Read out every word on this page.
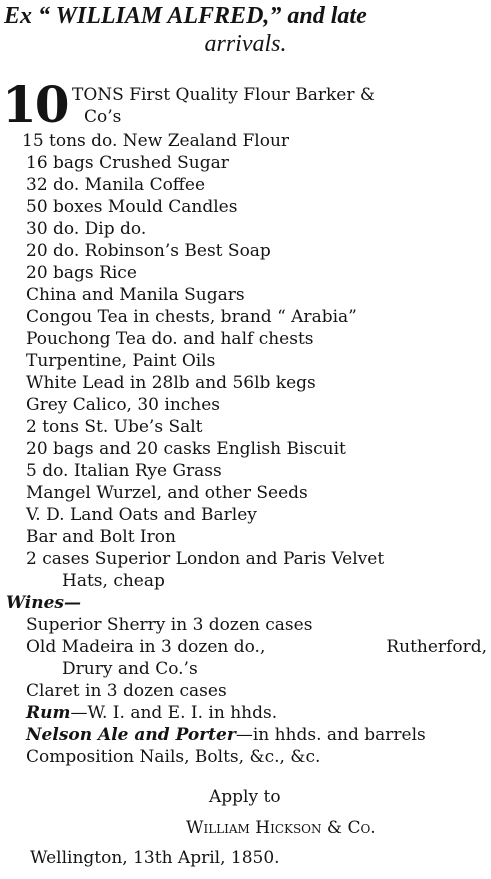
Ex “ WILLIAM ALFRED,” and late
arrivals.
10 TONS First Quality Flour Barker &
Co’s
15 tons do. New Zealand Flour
16 bags Crushed Sugar
32 do. Manila Coffee
50 boxes Mould Candles
30 do. Dip do.
20 do. Robinson’s Best Soap
20 bags Rice
China and Manila Sugars
Congou Tea in chests, brand “ Arabia”
Pouchong Tea do. and half chests
Turpentine, Paint Oils
White Lead in 28lb and 56lb kegs
Grey Calico, 30 inches
2 tons St. Ube’s Salt
20 bags and 20 casks English Biscuit
5 do. Italian Rye Grass
Mangel Wurzel, and other Seeds
V. D. Land Oats and Barley
Bar and Bolt Iron
2 cases Superior London and Paris Velvet
Hats, cheap
Wines—
Superior Sherry in 3 dozen cases
Old Madeira in 3 dozen do.,	Rutherford,
Drury and Co.’s
Claret in 3 dozen cases
Rum—W. I. and E. I. in hhds.
Nelson Ale and Porter—in hhds. and barrels
Composition Nails, Bolts, &c., &c.
Apply to
William Hickson & Co.
Wellington, 13th April, 1850.
